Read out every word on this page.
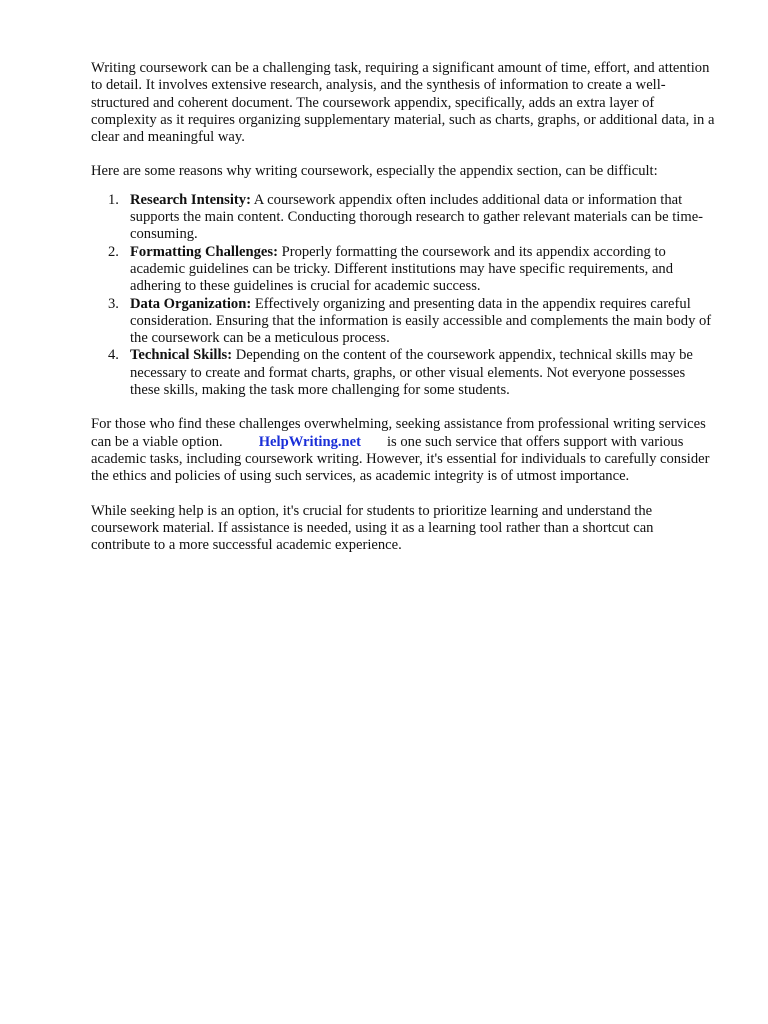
Writing coursework can be a challenging task, requiring a significant amount of time, effort, and attention to detail. It involves extensive research, analysis, and the synthesis of information to create a well-structured and coherent document. The coursework appendix, specifically, adds an extra layer of complexity as it requires organizing supplementary material, such as charts, graphs, or additional data, in a clear and meaningful way.

Here are some reasons why writing coursework, especially the appendix section, can be difficult:

1. Research Intensity: A coursework appendix often includes additional data or information that supports the main content. Conducting thorough research to gather relevant materials can be time-consuming.
2. Formatting Challenges: Properly formatting the coursework and its appendix according to academic guidelines can be tricky. Different institutions may have specific requirements, and adhering to these guidelines is crucial for academic success.
3. Data Organization: Effectively organizing and presenting data in the appendix requires careful consideration. Ensuring that the information is easily accessible and complements the main body of the coursework can be a meticulous process.
4. Technical Skills: Depending on the content of the coursework appendix, technical skills may be necessary to create and format charts, graphs, or other visual elements. Not everyone possesses these skills, making the task more challenging for some students.

For those who find these challenges overwhelming, seeking assistance from professional writing services can be a viable option. HelpWriting.net is one such service that offers support with various academic tasks, including coursework writing. However, it's essential for individuals to carefully consider the ethics and policies of using such services, as academic integrity is of utmost importance.

While seeking help is an option, it's crucial for students to prioritize learning and understand the coursework material. If assistance is needed, using it as a learning tool rather than a shortcut can contribute to a more successful academic experience.
